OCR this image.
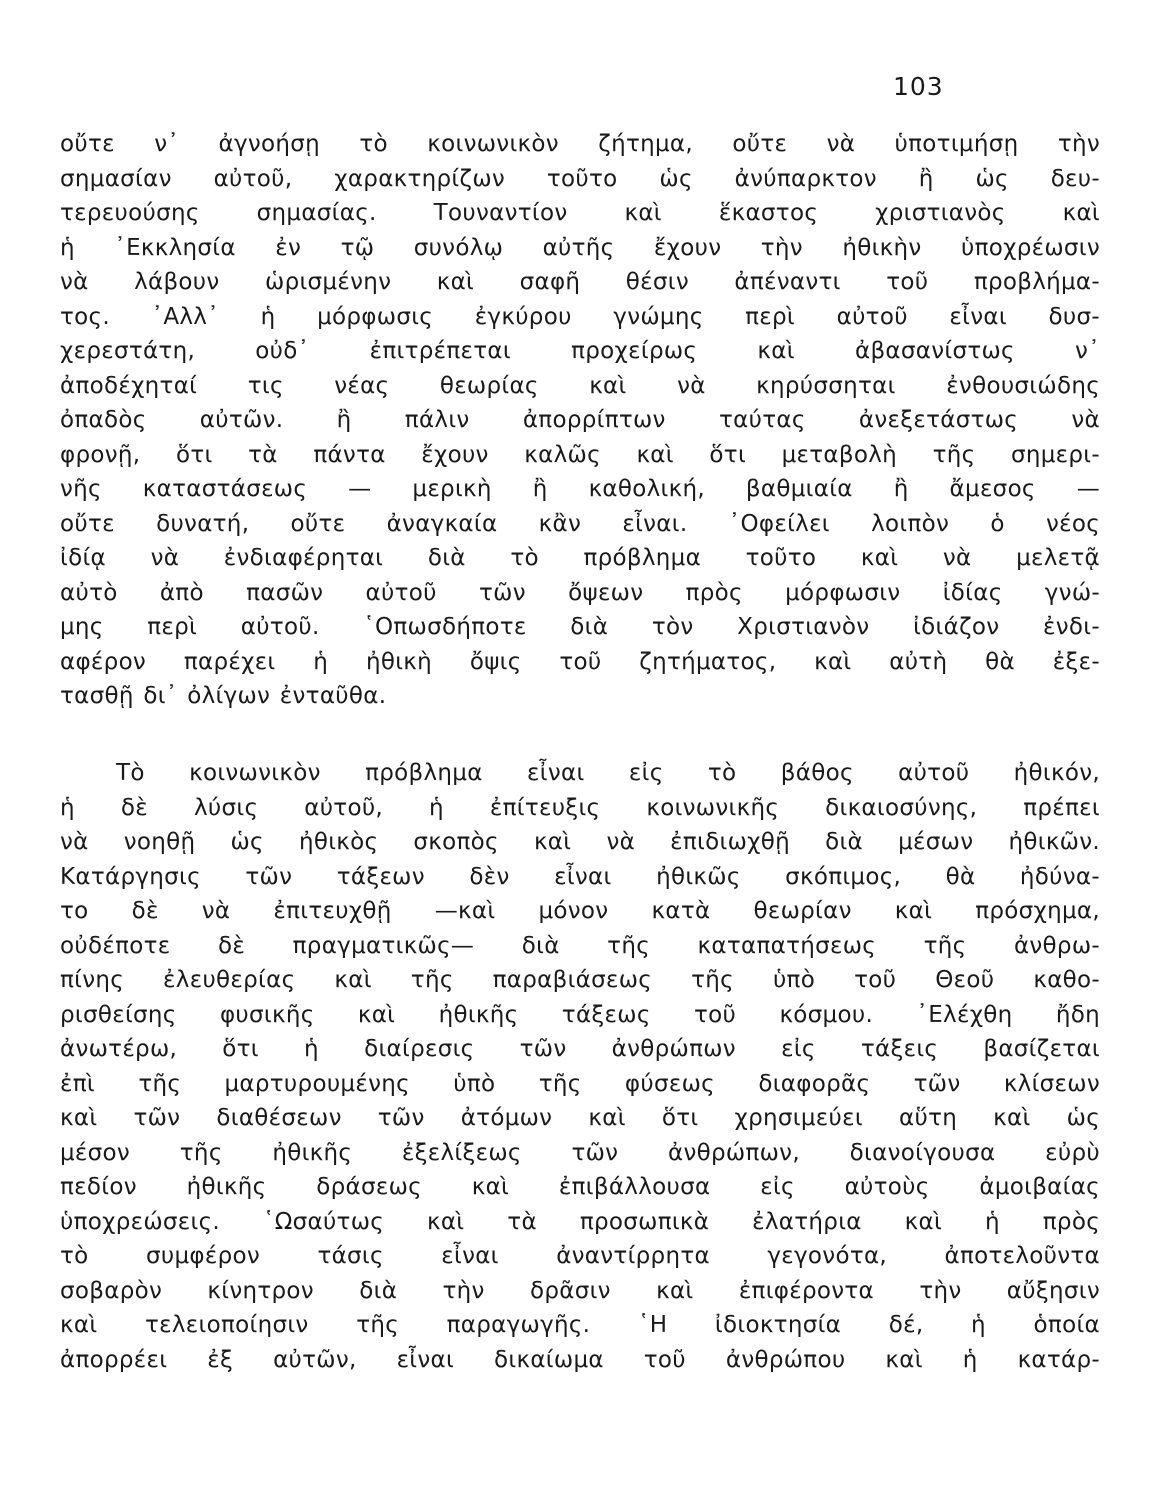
103
οὔτε ν᾿ ἀγνοήσῃ τὸ κοινωνικὸν ζήτημα, οὔτε νὰ ὑποτιμήσῃ τὴν
σημασίαν αὐτοῦ, χαρακτηρίζων τοῦτο ὡς ἀνύπαρκτον ἢ ὡς δευ-
τερευούσης σημασίας. Τουναντίον καὶ ἕκαστος χριστιανὸς καὶ
ἡ ᾿Εκκλησία ἐν τῷ συνόλῳ αὐτῆς ἔχουν τὴν ἠθικὴν ὑποχρέωσιν
νὰ λάβουν ὡρισμένην καὶ σαφῆ θέσιν ἀπέναντι τοῦ προβλήμα-
τος. ᾿Αλλ᾿ ἡ μόρφωσις ἐγκύρου γνώμης περὶ αὐτοῦ εἶναι δυσ-
χερεστάτη, οὐδ᾿ ἐπιτρέπεται προχείρως καὶ ἀβασανίστως ν᾿
ἀποδέχηταί τις νέας θεωρίας καὶ νὰ κηρύσσηται ἐνθουσιώδης
ὀπαδὸς αὐτῶν. ἢ πάλιν ἀπορρίπτων ταύτας ἀνεξετάστως νὰ
φρονῇ, ὅτι τὰ πάντα ἔχουν καλῶς καὶ ὅτι μεταβολὴ τῆς σημερι-
νῆς καταστάσεως — μερικὴ ἢ καθολική, βαθμιαία ἢ ἄμεσος —
οὔτε δυνατή, οὔτε ἀναγκαία κἂν εἶναι. ᾿Οφείλει λοιπὸν ὁ νέος
ἰδίᾳ νὰ ἐνδιαφέρηται διὰ τὸ πρόβλημα τοῦτο καὶ νὰ μελετᾷ
αὐτὸ ἀπὸ πασῶν αὐτοῦ τῶν ὄψεων πρὸς μόρφωσιν ἰδίας γνώ-
μης περὶ αὐτοῦ. ῾Οπωσδήποτε διὰ τὸν Χριστιανὸν ἰδιάζον ἐνδι-
αφέρον παρέχει ἡ ἠθικὴ ὄψις τοῦ ζητήματος, καὶ αὐτὴ θὰ ἐξε-
τασθῇ δι᾿ ὀλίγων ἐνταῦθα.
Τὸ κοινωνικὸν πρόβλημα εἶναι εἰς τὸ βάθος αὐτοῦ ἠθικόν,
ἡ δὲ λύσις αὐτοῦ, ἡ ἐπίτευξις κοινωνικῆς δικαιοσύνης, πρέπει
νὰ νοηθῇ ὡς ἠθικὸς σκοπὸς καὶ νὰ ἐπιδιωχθῇ διὰ μέσων ἠθικῶν.
Κατάργησις τῶν τάξεων δὲν εἶναι ἠθικῶς σκόπιμος, θὰ ἠδύνα-
το δὲ νὰ ἐπιτευχθῇ —καὶ μόνον κατὰ θεωρίαν καὶ πρόσχημα,
οὐδέποτε δὲ πραγματικῶς— διὰ τῆς καταπατήσεως τῆς ἀνθρω-
πίνης ἐλευθερίας καὶ τῆς παραβιάσεως τῆς ὑπὸ τοῦ Θεοῦ καθο-
ρισθείσης φυσικῆς καὶ ἠθικῆς τάξεως τοῦ κόσμου. ᾿Ελέχθη ἤδη
ἀνωτέρω, ὅτι ἡ διαίρεσις τῶν ἀνθρώπων εἰς τάξεις βασίζεται
ἐπὶ τῆς μαρτυρουμένης ὑπὸ τῆς φύσεως διαφορᾶς τῶν κλίσεων
καὶ τῶν διαθέσεων τῶν ἀτόμων καὶ ὅτι χρησιμεύει αὕτη καὶ ὡς
μέσον τῆς ἠθικῆς ἐξελίξεως τῶν ἀνθρώπων, διανοίγουσα εὐρὺ
πεδίον ἠθικῆς δράσεως καὶ ἐπιβάλλουσα εἰς αὐτοὺς ἀμοιβαίας
ὑποχρεώσεις. ῾Ωσαύτως καὶ τὰ προσωπικὰ ἐλατήρια καὶ ἡ πρὸς
τὸ συμφέρον τάσις εἶναι ἀναντίρρητα γεγονότα, ἀποτελοῦντα
σοβαρὸν κίνητρον διὰ τὴν δρᾶσιν καὶ ἐπιφέροντα τὴν αὔξησιν
καὶ τελειοποίησιν τῆς παραγωγῆς. ῾Η ἰδιοκτησία δέ, ἡ ὁποία
ἀπορρέει ἐξ αὐτῶν, εἶναι δικαίωμα τοῦ ἀνθρώπου καὶ ἡ κατάρ-
